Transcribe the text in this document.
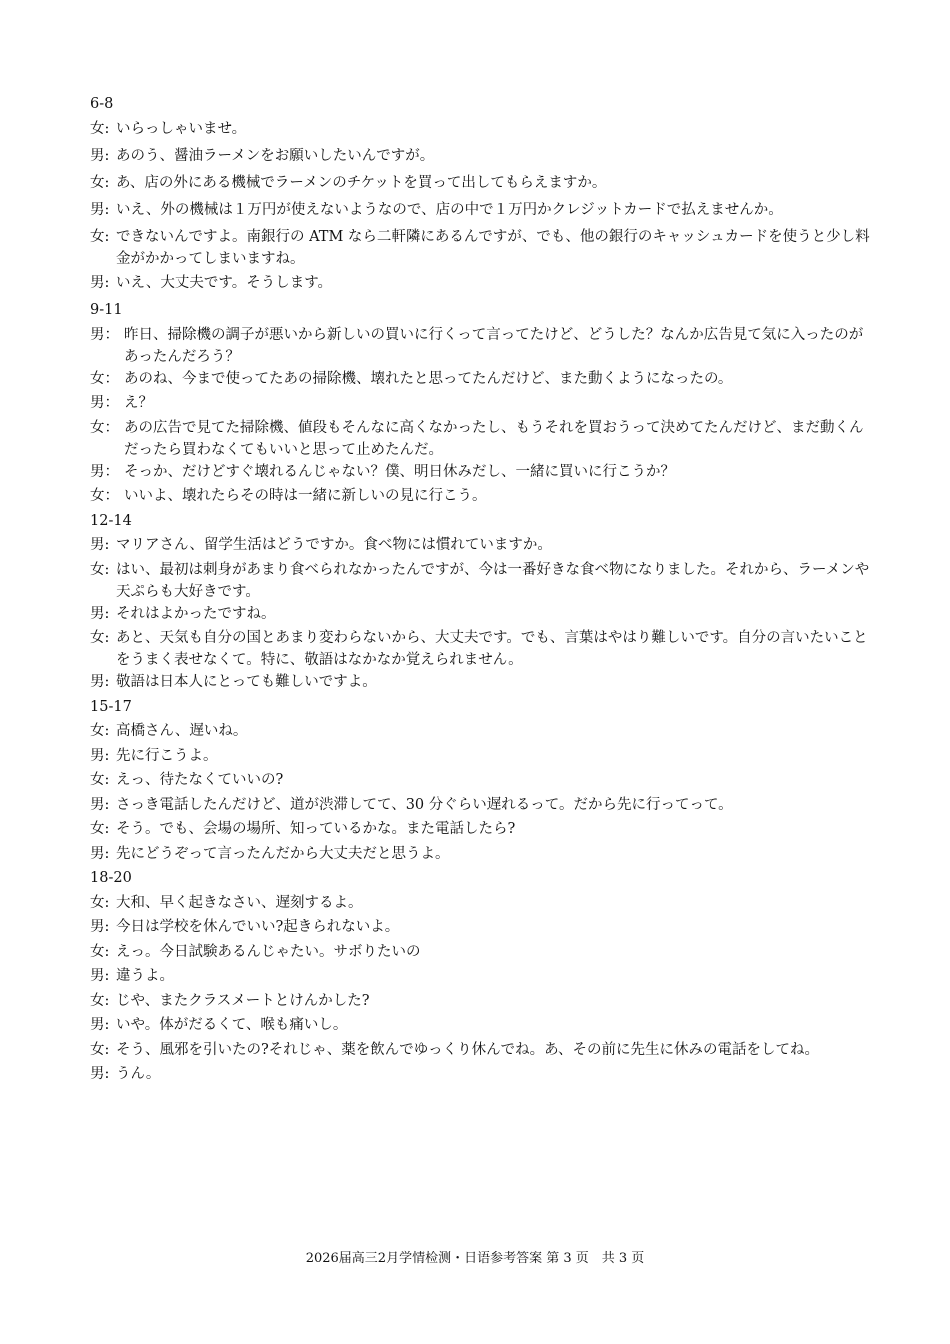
6-8
女: いらっしゃいませ。
男: あのう、醤油ラーメンをお願いしたいんですが。
女: あ、店の外にある機械でラーメンのチケットを買って出してもらえますか。
男: いえ、外の機械は１万円が使えないようなので、店の中で１万円かクレジットカードで払えませんか。
女: できないんですよ。南銀行の ATM なら二軒隣にあるんですが、でも、他の銀行のキャッシュカードを使うと少し料金がかかってしまいますね。
男: いえ、大丈夫です。そうします。
9-11
男： 昨日、掃除機の調子が悪いから新しいの買いに行くって言ってたけど、どうした？なんか広告見て気に入ったのがあったんだろう？
女： あのね、今まで使ってたあの掃除機、壊れたと思ってたんだけど、また動くようになったの。
男： え？
女： あの広告で見てた掃除機、値段もそんなに高くなかったし、もうそれを買おうって決めてたんだけど、まだ動くんだったら買わなくてもいいと思って止めたんだ。
男： そっか、だけどすぐ壊れるんじゃない？僕、明日休みだし、一緒に買いに行こうか？
女： いいよ、壊れたらその時は一緒に新しいの見に行こう。
12-14
男: マリアさん、留学生活はどうですか。食べ物には慣れていますか。
女: はい、最初は刺身があまり食べられなかったんですが、今は一番好きな食べ物になりました。それから、ラーメンや天ぷらも大好きです。
男: それはよかったですね。
女: あと、天気も自分の国とあまり変わらないから、大丈夫です。でも、言葉はやはり難しいです。自分の言いたいことをうまく表せなくて。特に、敬語はなかなか覚えられません。
男: 敬語は日本人にとっても難しいですよ。
15-17
女: 高橋さん、遅いね。
男: 先に行こうよ。
女: えっ、待たなくていいの?
男: さっき電話したんだけど、道が渋滞してて、30 分ぐらい遅れるって。だから先に行ってって。
女: そう。でも、会場の場所、知っているかな。また電話したら?
男: 先にどうぞって言ったんだから大丈夫だと思うよ。
18-20
女: 大和、早く起きなさい、遅刻するよ。
男: 今日は学校を休んでいい?起きられないよ。
女: えっ。今日試験あるんじゃたい。サボりたいの
男: 違うよ。
女: じや、またクラスメートとけんかした?
男: いや。体がだるくて、喉も痛いし。
女: そう、風邪を引いたの?それじゃ、薬を飲んでゆっくり休んでね。あ、その前に先生に休みの電話をしてね。
男: うん。
2026届高三2月学情检测・日语参考答案 第 3 页　共 3 页
